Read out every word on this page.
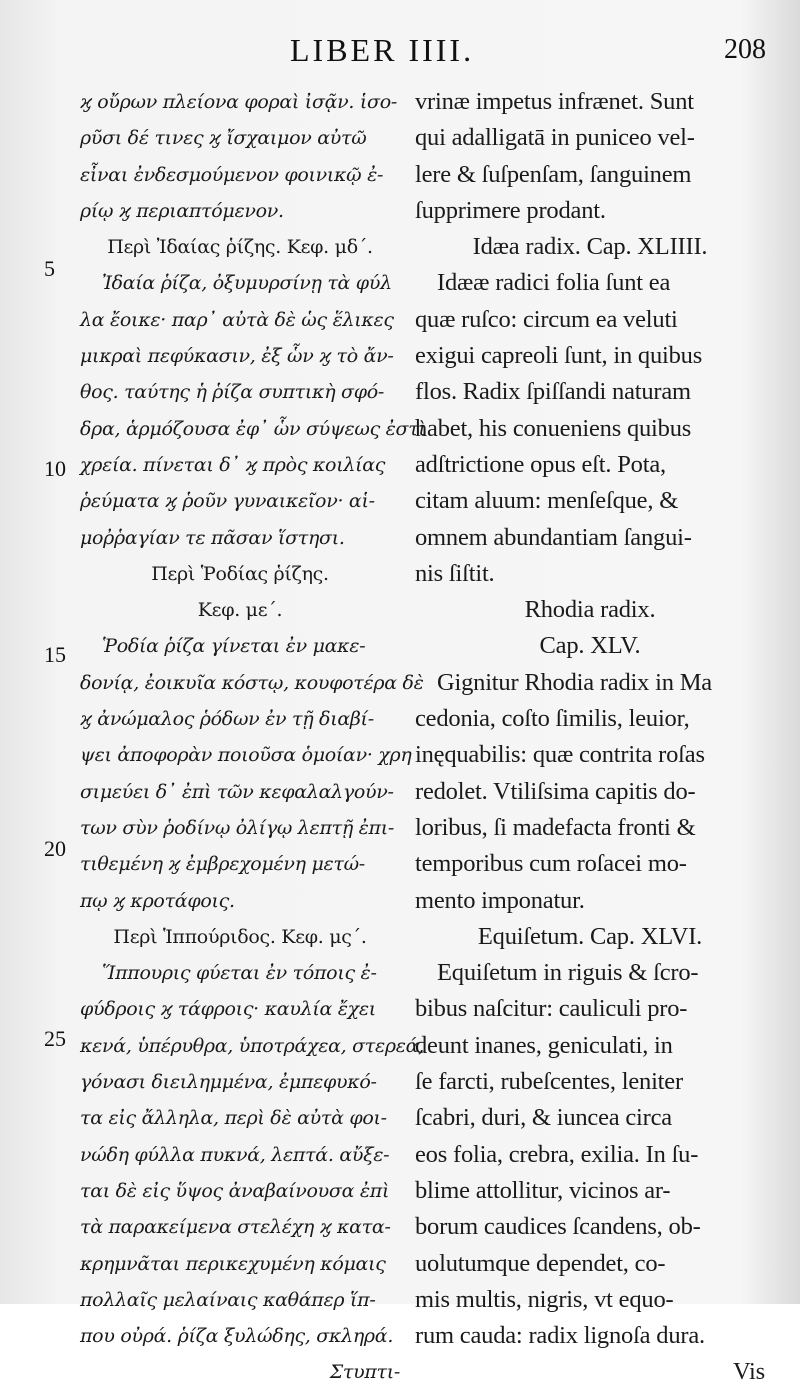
LIBER IIII.	208
5
10
15
20
25
ϗ οὔρων πλείονα φοραὶ ἰσᾷν. ἱσο-
ρῦσι δέ τινες ϗ ἴσχαιμον αὐτῶ
εἶναι ἐνδεσμούμενον φοινικῷ ἐ-
ρίῳ ϗ περιαπτόμενον.
Περὶ Ἰδαίας ῥίζης. Κεφ. μδ΄.
Ἰδαία ῥίζα, ὀξυμυρσίνῃ τὰ φύλ
λα ἔοικε· παρ᾽ αὐτὰ δὲ ὡς ἕλικες
μικραὶ πεφύκασιν, ἐξ ὧν ϗ τὸ ἄν-
θος. ταύτης ἡ ῥίζα συπτικὴ σφό-
δρα, ἁρμόζουσα ἐφ᾽ ὧν σύψεως ἐστὶ
χρεία. πίνεται δ᾽ ϗ πρὸς κοιλίας
ῥεύματα ϗ ῥοῦν γυναικεῖον· αἱ-
μοῤῥαγίαν τε πᾶσαν ἵστησι.
Περὶ Ῥοδίας ῥίζης.
Κεφ. με΄.
Ῥοδία ῥίζα γίνεται ἐν μακε-
δονίᾳ, ἐοικυῖα κόστῳ, κουφοτέρα δὲ
ϗ ἀνώμαλος ῥόδων ἐν τῇ διαβί-
ψει ἀποφορὰν ποιοῦσα ὁμοίαν· χρη
σιμεύει δ᾽ ἐπὶ τῶν κεφαλαλγούν-
των σὺν ῥοδίνῳ ὀλίγῳ λεπτῇ ἐπι-
τιθεμένη ϗ ἐμβρεχομένη μετώ-
πῳ ϗ κροτάφοις.
Περὶ Ἱππούριδος. Κεφ. μς΄.
Ἵππουρις φύεται ἐν τόποις ἐ-
φύδροις ϗ τάφροις· καυλία ἔχει
κενά, ὑπέρυθρα, ὑποτράχεα, στερεά,
γόνασι διειλημμένα, ἐμπεφυκό-
τα εἰς ἄλληλα, περὶ δὲ αὐτὰ φοι-
νώδη φύλλα πυκνά, λεπτά. αὔξε-
ται δὲ εἰς ὕψος ἀναβαίνουσα ἐπὶ
τὰ παρακείμενα στελέχη ϗ κατα-
κρημνᾶται περικεχυμένη κόμαις
πολλαῖς μελαίναις καθάπερ ἵπ-
που οὐρά. ῥίζα ξυλώδης, σκληρά.
Στυπτι-
vrinæ impetus infrænet. Sunt
qui adalligatā in puniceo vel-
lere & ſuſpenſam, ſanguinem
ſupprimere prodant.
Idæa radix. Cap. XLIIII.
Idææ radici folia ſunt ea
quæ ruſco: circum ea veluti
exigui capreoli ſunt, in quibus
flos. Radix ſpiſſandi naturam
habet, his conueniens quibus
adſtrictione opus eſt. Pota,
citam aluum: menſeſque, &
omnem abundantiam ſangui-
nis ſiſtit.
Rhodia radix.
Cap. XLV.
Gignitur Rhodia radix in Ma
cedonia, coſto ſimilis, leuior,
inęquabilis: quæ contrita roſas
redolet. Vtiliſsima capitis do-
loribus, ſi madefacta fronti &
temporibus cum roſacei mo-
mento imponatur.
Equiſetum. Cap. XLVI.
Equiſetum in riguis & ſcro-
bibus naſcitur: cauliculi pro-
deunt inanes, geniculati, in
ſe farcti, rubeſcentes, leniter
ſcabri, duri, & iuncea circa
eos folia, crebra, exilia. In ſu-
blime attollitur, vicinos ar-
borum caudices ſcandens, ob-
uolutumque dependet, co-
mis multis, nigris, vt equo-
rum cauda: radix lignoſa dura.
Vis
